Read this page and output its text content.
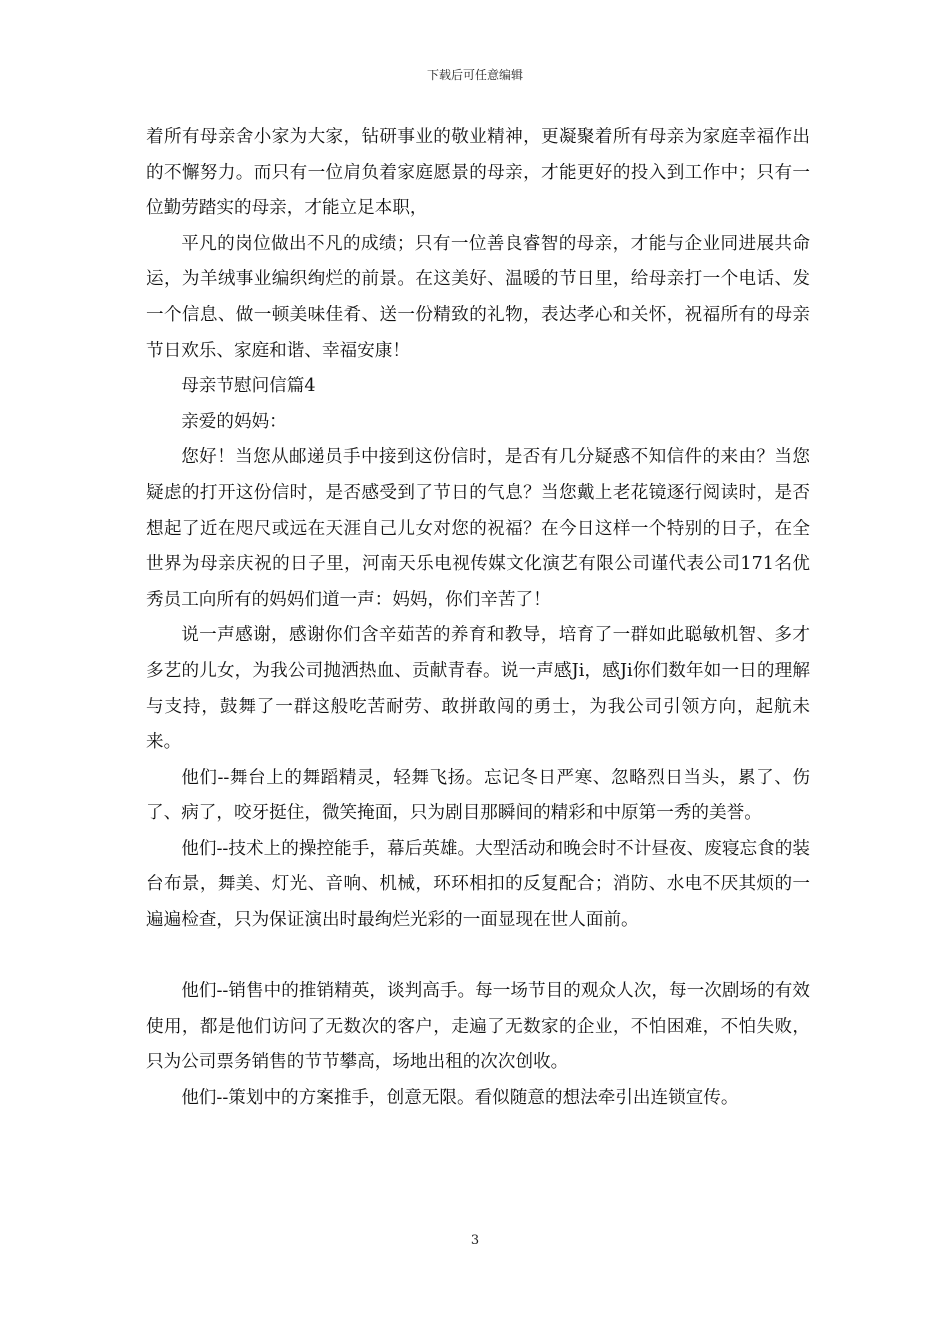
下载后可任意编辑

着所有母亲舍小家为大家，钻研事业的敬业精神，更凝聚着所有母亲为家庭幸福作出的不懈努力。而只有一位肩负着家庭愿景的母亲，才能更好的投入到工作中；只有一位勤劳踏实的母亲，才能立足本职，

平凡的岗位做出不凡的成绩；只有一位善良睿智的母亲，才能与企业同进展共命运，为羊绒事业编织绚烂的前景。在这美好、温暖的节日里，给母亲打一个电话、发一个信息、做一顿美味佳肴、送一份精致的礼物，表达孝心和关怀，祝福所有的母亲节日欢乐、家庭和谐、幸福安康！

母亲节慰问信篇4

亲爱的妈妈：

您好！当您从邮递员手中接到这份信时，是否有几分疑惑不知信件的来由？当您疑虑的打开这份信时，是否感受到了节日的气息？当您戴上老花镜逐行阅读时，是否想起了近在咫尺或远在天涯自己儿女对您的祝福？在今日这样一个特别的日子，在全世界为母亲庆祝的日子里，河南天乐电视传媒文化演艺有限公司谨代表公司171名优秀员工向所有的妈妈们道一声：妈妈，你们辛苦了！

说一声感谢，感谢你们含辛茹苦的养育和教导，培育了一群如此聪敏机智、多才多艺的儿女，为我公司抛洒热血、贡献青春。说一声感Ji，感Ji你们数年如一日的理解与支持，鼓舞了一群这般吃苦耐劳、敢拼敢闯的勇士，为我公司引领方向，起航未来。

他们--舞台上的舞蹈精灵，轻舞飞扬。忘记冬日严寒、忽略烈日当头，累了、伤了、病了，咬牙挺住，微笑掩面，只为剧目那瞬间的精彩和中原第一秀的美誉。

他们--技术上的操控能手，幕后英雄。大型活动和晚会时不计昼夜、废寝忘食的装台布景，舞美、灯光、音响、机械，环环相扣的反复配合；消防、水电不厌其烦的一遍遍检查，只为保证演出时最绚烂光彩的一面显现在世人面前。

他们--销售中的推销精英，谈判高手。每一场节目的观众人次，每一次剧场的有效使用，都是他们访问了无数次的客户，走遍了无数家的企业，不怕困难，不怕失败，只为公司票务销售的节节攀高，场地出租的次次创收。

他们--策划中的方案推手，创意无限。看似随意的想法牵引出连锁宣传。

3
